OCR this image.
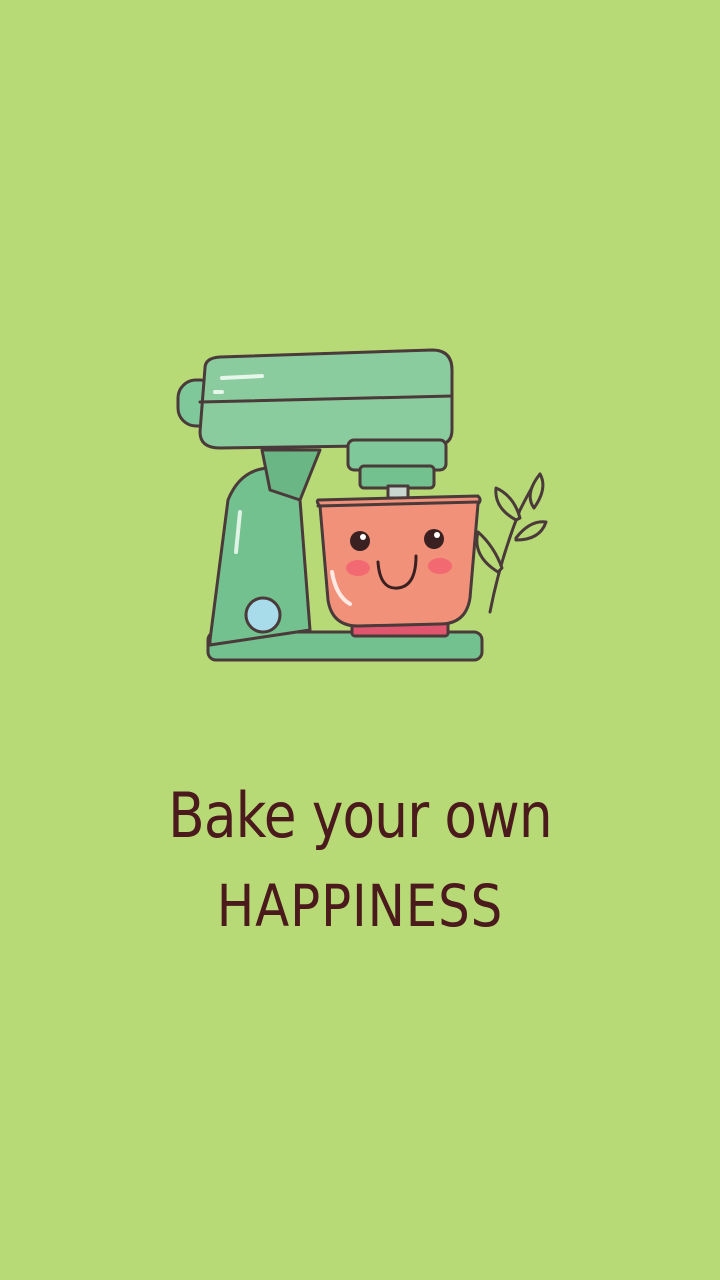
Bake your own
HAPPINESS
